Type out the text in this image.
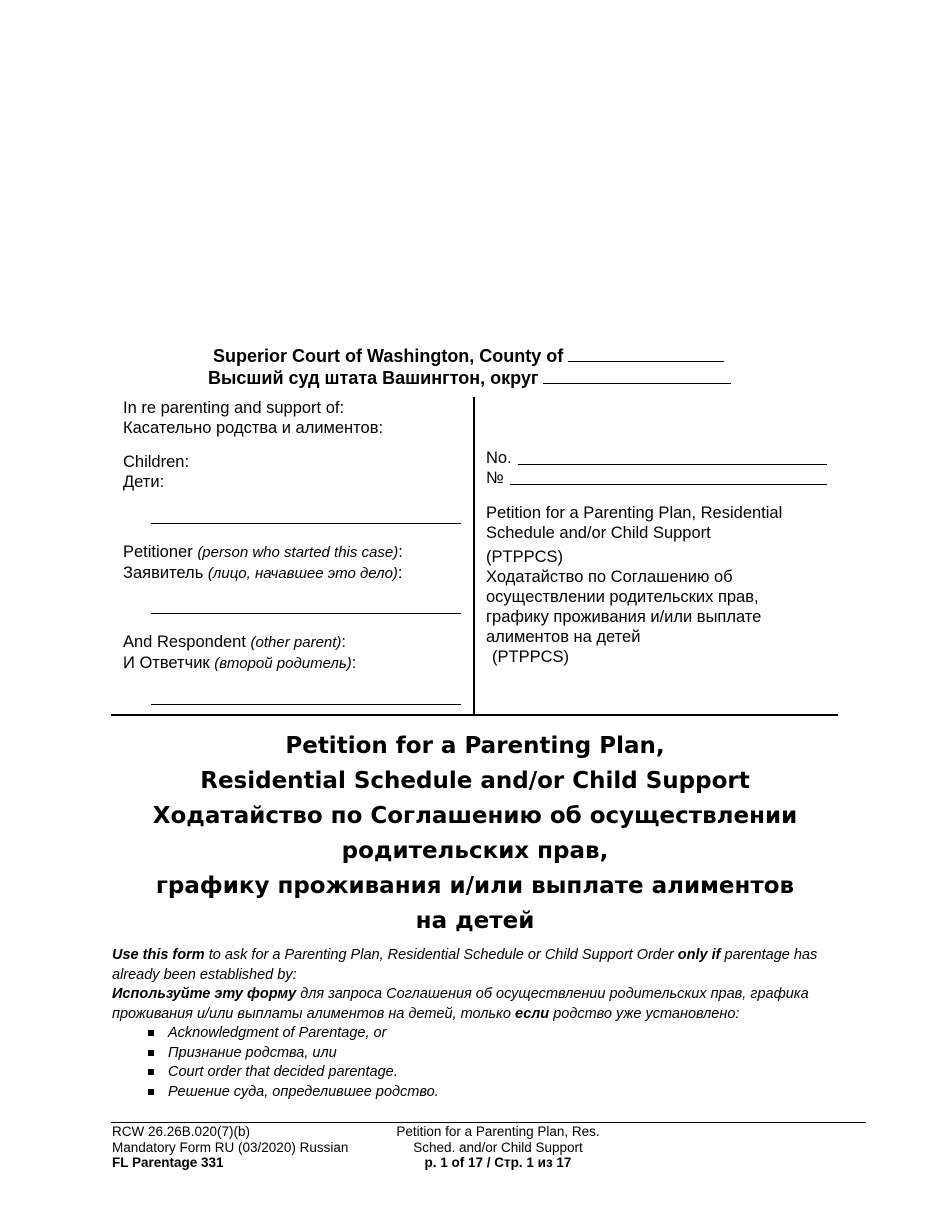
Superior Court of Washington, County of
Высший суд штата Вашингтон, округ
In re parenting and support of:
Касательно родства и алиментов:
Children:
Дети:
Petitioner (person who started this case):
Заявитель (лицо, начавшее это дело):
And Respondent (other parent):
И Ответчик (второй родитель):
No.
№
Petition for a Parenting Plan, Residential
Schedule and/or Child Support
(PTPPCS)
Ходатайство по Соглашению об
осуществлении родительских прав,
графику проживания и/или выплате
алиментов на детей
(PTPPCS)
Petition for a Parenting Plan,
Residential Schedule and/or Child Support
Ходатайство по Соглашению об осуществлении
родительских прав,
графику проживания и/или выплате алиментов
на детей
Use this form to ask for a Parenting Plan, Residential Schedule or Child Support Order only if parentage has already been established by:
Используйте эту форму для запроса Соглашения об осуществлении родительских прав, графика проживания и/или выплаты алиментов на детей, только если родство уже установлено:
Acknowledgment of Parentage, or
Признание родства, или
Court order that decided parentage.
Решение суда, определившее родство.
RCW 26.26B.020(7)(b)
Mandatory Form RU (03/2020) Russian
FL Parentage 331
Petition for a Parenting Plan, Res.
Sched. and/or Child Support
p. 1 of 17 / Стр. 1 из 17
